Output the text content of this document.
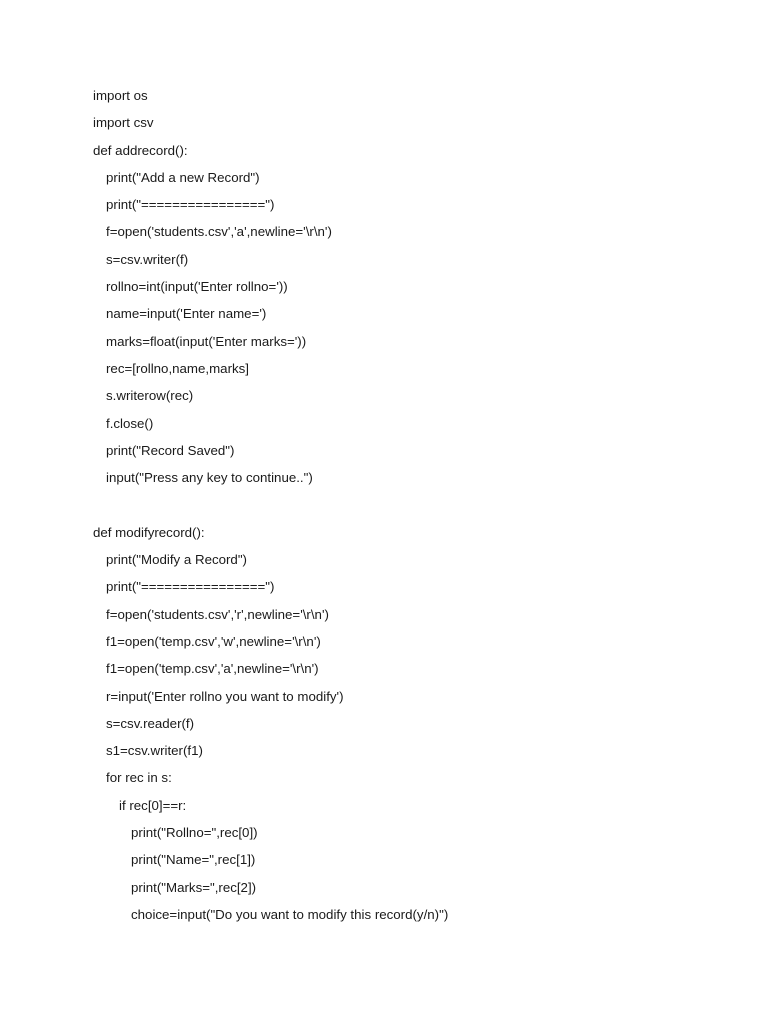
import os
import csv
def addrecord():
print("Add a new Record")
print("================")
f=open('students.csv','a',newline='\r\n')
s=csv.writer(f)
rollno=int(input('Enter rollno='))
name=input('Enter name=')
marks=float(input('Enter marks='))
rec=[rollno,name,marks]
s.writerow(rec)
f.close()
print("Record Saved")
input("Press any key to continue..")
def modifyrecord():
print("Modify a Record")
print("================")
f=open('students.csv','r',newline='\r\n')
f1=open('temp.csv','w',newline='\r\n')
f1=open('temp.csv','a',newline='\r\n')
r=input('Enter rollno you want to modify')
s=csv.reader(f)
s1=csv.writer(f1)
for rec in s:
if rec[0]==r:
print("Rollno=",rec[0])
print("Name=",rec[1])
print("Marks=",rec[2])
choice=input("Do you want to modify this record(y/n)")
